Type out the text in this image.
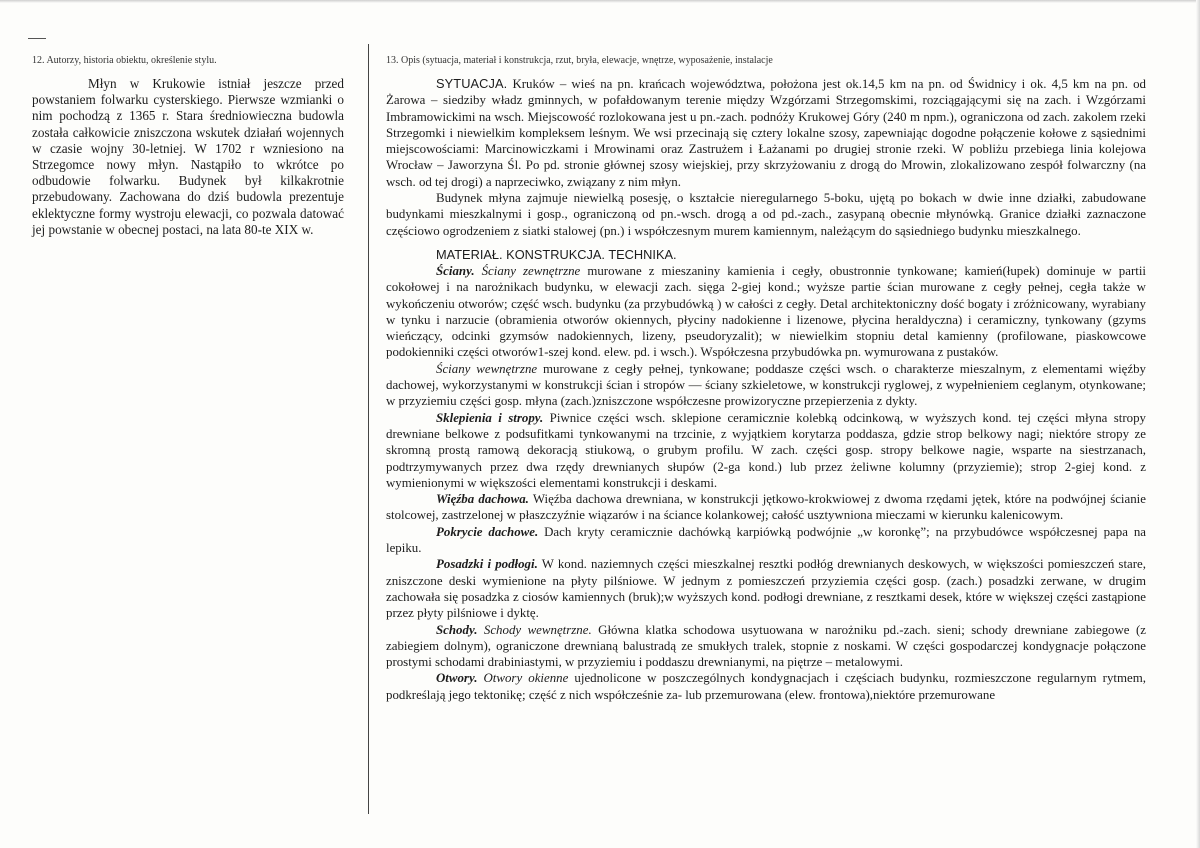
12. Autorzy, historia obiektu, określenie stylu.

Młyn w Krukowie istniał jeszcze przed powstaniem folwarku cysterskiego. Pierwsze wzmianki o nim pochodzą z 1365 r. Stara średniowieczna budowla została całkowicie zniszczona wskutek działań wojennych w czasie wojny 30-letniej. W 1702 r wzniesiono na Strzegomce nowy młyn. Nastąpiło to wkrótce po odbudowie folwarku. Budynek był kilkakrotnie przebudowany. Zachowana do dziś budowla prezentuje eklektyczne formy wystroju elewacji, co pozwala datować jej powstanie w obecnej postaci, na lata 80-te XIX w.

13. Opis (sytuacja, materiał i konstrukcja, rzut, bryła, elewacje, wnętrze, wyposażenie, instalacje

SYTUACJA. Kruków – wieś na pn. krańcach województwa, położona jest ok.14,5 km na pn. od Świdnicy i ok. 4,5 km na pn. od Żarowa – siedziby władz gminnych, w pofałdowanym terenie między Wzgórzami Strzegomskimi, rozciągającymi się na zach. i Wzgórzami Imbramowickimi na wsch. Miejscowość rozlokowana jest u pn.-zach. podnóży Krukowej Góry (240 m npm.), ograniczona od zach. zakolem rzeki Strzegomki i niewielkim kompleksem leśnym. We wsi przecinają się cztery lokalne szosy, zapewniając dogodne połączenie kołowe z sąsiednimi miejscowościami: Marcinowiczkami i Mrowinami oraz Zastrużem i Łażanami po drugiej stronie rzeki. W pobliżu przebiega linia kolejowa Wrocław – Jaworzyna Śl. Po pd. stronie głównej szosy wiejskiej, przy skrzyżowaniu z drogą do Mrowin, zlokalizowano zespół folwarczny (na wsch. od tej drogi) a naprzeciwko, związany z nim młyn.

Budynek młyna zajmuje niewielką posesję, o kształcie nieregularnego 5-boku, ujętą po bokach w dwie inne działki, zabudowane budynkami mieszkalnymi i gosp., ograniczoną od pn.-wsch. drogą a od pd.-zach., zasypaną obecnie młynówką. Granice działki zaznaczone częściowo ogrodzeniem z siatki stalowej (pn.) i współczesnym murem kamiennym, należącym do sąsiedniego budynku mieszkalnego.

MATERIAŁ. KONSTRUKCJA. TECHNIKA.

Ściany. Ściany zewnętrzne murowane z mieszaniny kamienia i cegły, obustronnie tynkowane; kamień(łupek) dominuje w partii cokołowej i na narożnikach budynku, w elewacji zach. sięga 2-giej kond.; wyższe partie ścian murowane z cegły pełnej, cegła także w wykończeniu otworów; część wsch. budynku (za przybudówką ) w całości z cegły. Detal architektoniczny dość bogaty i zróżnicowany, wyrabiany w tynku i narzucie (obramienia otworów okiennych, płyciny nadokienne i lizenowe, płycina heraldyczna) i ceramiczny, tynkowany (gzyms wieńczący, odcinki gzymsów nadokiennych, lizeny, pseudoryzalit); w niewielkim stopniu detal kamienny (profilowane, piaskowcowe podokienniki części otworów1-szej kond. elew. pd. i wsch.). Współczesna przybudówka pn. wymurowana z pustaków.

Ściany wewnętrzne murowane z cegły pełnej, tynkowane; poddasze części wsch. o charakterze mieszalnym, z elementami więźby dachowej, wykorzystanymi w konstrukcji ścian i stropów — ściany szkieletowe, w konstrukcji ryglowej, z wypełnieniem ceglanym, otynkowane; w przyziemiu części gosp. młyna (zach.)zniszczone współczesne prowizoryczne przepierzenia z dykty.

Sklepienia i stropy. Piwnice części wsch. sklepione ceramicznie kolebką odcinkową, w wyższych kond. tej części młyna stropy drewniane belkowe z podsufitkami tynkowanymi na trzcinie, z wyjątkiem korytarza poddasza, gdzie strop belkowy nagi; niektóre stropy ze skromną prostą ramową dekoracją stiukową, o grubym profilu. W zach. części gosp. stropy belkowe nagie, wsparte na siestrzanach, podtrzymywanych przez dwa rzędy drewnianych słupów (2-ga kond.) lub przez żeliwne kolumny (przyziemie); strop 2-giej kond. z wymienionymi w większości elementami konstrukcji i deskami.

Więźba dachowa. Więźba dachowa drewniana, w konstrukcji jętkowo-krokwiowej z dwoma rzędami jętek, które na podwójnej ścianie stolcowej, zastrzelonej w płaszczyźnie wiązarów i na ściance kolankowej; całość usztywniona mieczami w kierunku kalenicowym.

Pokrycie dachowe. Dach kryty ceramicznie dachówką karpiówką podwójnie „w koronkę”; na przybudówce współczesnej papa na lepiku.

Posadzki i podłogi. W kond. naziemnych części mieszkalnej resztki podłóg drewnianych deskowych, w większości pomieszczeń stare, zniszczone deski wymienione na płyty pilśniowe. W jednym z pomieszczeń przyziemia części gosp. (zach.) posadzki zerwane, w drugim zachowała się posadzka z ciosów kamiennych (bruk);w wyższych kond. podłogi drewniane, z resztkami desek, które w większej części zastąpione przez płyty pilśniowe i dyktę.

Schody. Schody wewnętrzne. Główna klatka schodowa usytuowana w narożniku pd.-zach. sieni; schody drewniane zabiegowe (z zabiegiem dolnym), ograniczone drewnianą balustradą ze smukłych tralek, stopnie z noskami. W części gospodarczej kondygnacje połączone prostymi schodami drabiniastymi, w przyziemiu i poddaszu drewnianymi, na piętrze – metalowymi.

Otwory. Otwory okienne ujednolicone w poszczególnych kondygnacjach i częściach budynku, rozmieszczone regularnym rytmem, podkreślają jego tektonikę; część z nich współcześnie za- lub przemurowana (elew. frontowa),niektóre przemurowane
